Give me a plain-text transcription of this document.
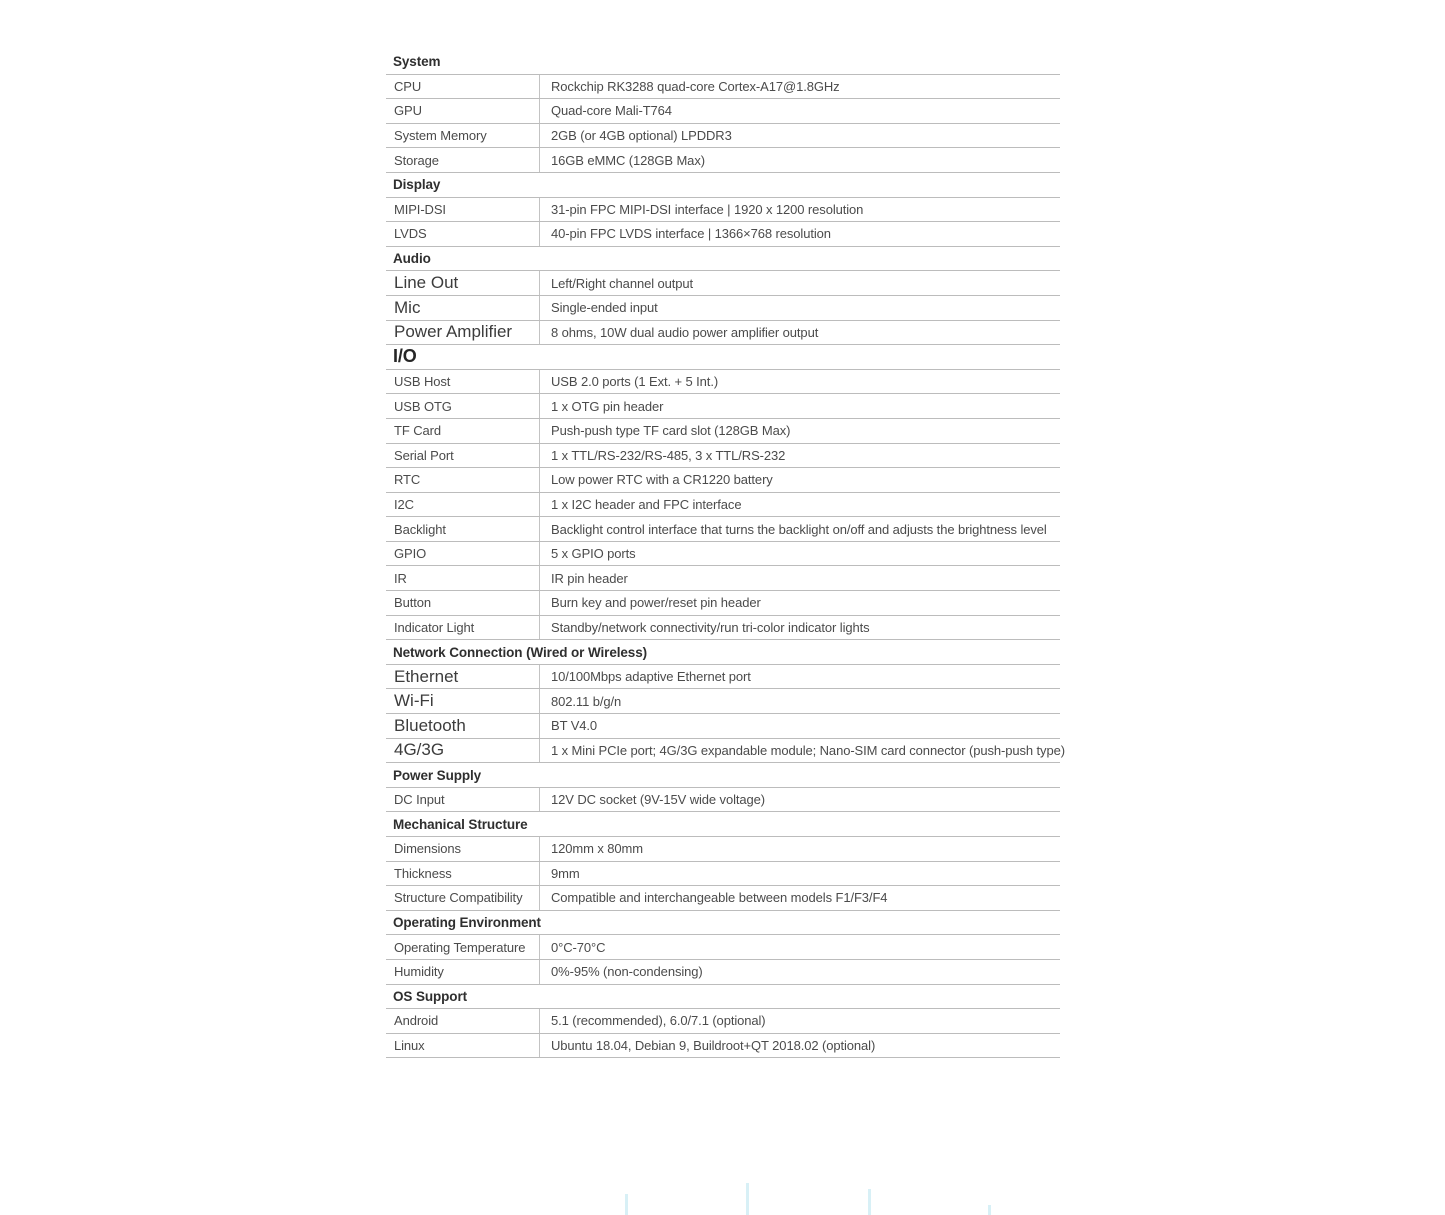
System
CPU	Rockchip RK3288 quad-core Cortex-A17@1.8GHz
GPU	Quad-core Mali-T764
System Memory	2GB (or 4GB optional) LPDDR3
Storage	16GB eMMC (128GB Max)
Display
MIPI-DSI	31-pin FPC MIPI-DSI interface | 1920 x 1200 resolution
LVDS	40-pin FPC LVDS interface | 1366×768 resolution
Audio
Line Out	Left/Right channel output
Mic	Single-ended input
Power Amplifier	8 ohms, 10W dual audio power amplifier output
I/O
USB Host	USB 2.0 ports (1 Ext. + 5 Int.)
USB OTG	1 x OTG pin header
TF Card	Push-push type TF card slot (128GB Max)
Serial Port	1 x TTL/RS-232/RS-485, 3 x TTL/RS-232
RTC	Low power RTC with a CR1220 battery
I2C	1 x I2C header and FPC interface
Backlight	Backlight control interface that turns the backlight on/off and adjusts the brightness level
GPIO	5 x GPIO ports
IR	IR pin header
Button	Burn key and power/reset pin header
Indicator Light	Standby/network connectivity/run tri-color indicator lights
Network Connection (Wired or Wireless)
Ethernet	10/100Mbps adaptive Ethernet port
Wi-Fi	802.11 b/g/n
Bluetooth	BT V4.0
4G/3G	1 x Mini PCIe port; 4G/3G expandable module; Nano-SIM card connector (push-push type)
Power Supply
DC Input	12V DC socket (9V-15V wide voltage)
Mechanical Structure
Dimensions	120mm x 80mm
Thickness	9mm
Structure Compatibility	Compatible and interchangeable between models F1/F3/F4
Operating Environment
Operating Temperature	0°C-70°C
Humidity	0%-95% (non-condensing)
OS Support
Android	5.1 (recommended), 6.0/7.1 (optional)
Linux	Ubuntu 18.04, Debian 9, Buildroot+QT 2018.02 (optional)
